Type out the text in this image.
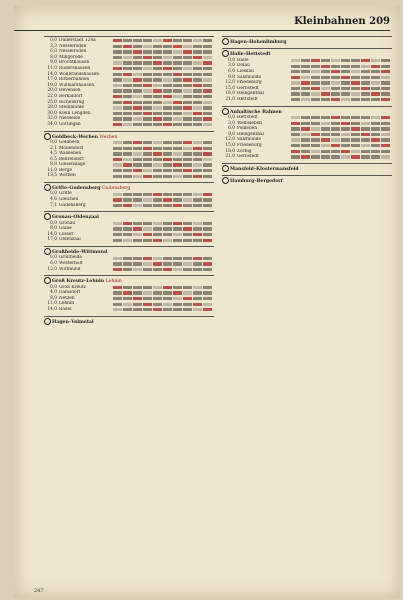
Kleinbahnen 209
0,0 Duderstadt 124a
3,3 Nesselröden
6,0 Nesselröden
8,0 Mingerode
9,0 Brochthausen
11,0 Rüdershausen
14,0 Wollbrandshausen
17,0 Rittierbahnen
19,0 Willmarshausen
20,0 Hevensen
22,0 Berkaldorf
25,0 Richenkrug
28,0 Steinmühle
30,0 Klein Lengden
32,0 Niesselde
34,0 Göttingen
Goldbeck–Werben Werben
0,0 Goldbeck
2,1 Möllendorf
4,5 Walsleben
6,5 Behrendorf
8,8 Giesenslage
11,0 Berge
13,5 Werben
Grifte–Gudensberg Gudensberg
0,0 Grifte
4,6 Gleichen
7,1 Gudensberg
Gronau–Oldenzaal
0,0 Gronau
8,0 Glane
14,0 Losser
17,0 Oldenzaal
Großheide–Wittmund
0,0 Großheide
6,0 Westerholt
12,0 Wittmund
Groß Kreutz–Lehnin Lehnin
0,0 Groß Kreutz
4,0 Damsdorf
8,0 Netzen
11,0 Lehnin
14,0 Rädel
Hagen–Volmetal
Hagen–Hohenlimburg
Halle–Hettstedt
0,0 Halle
3,0 Dölau
6,0 Lieskau
9,0 Salzmünde
12,0 Friedeburg
15,0 Gerbstedt
18,0 Heiligenthal
21,0 Hettstedt
Anhaltische Bahnen
0,0 Hettstedt
3,0 Welbsleben
6,0 Pollleben
9,0 Heiligenthal
12,0 Salzmünde
15,0 Friedeburg
18,0 Zörbig
21,0 Gerbstedt
Mansfeld–Klostermansfeld
Hamburg–Bergedorf
247
